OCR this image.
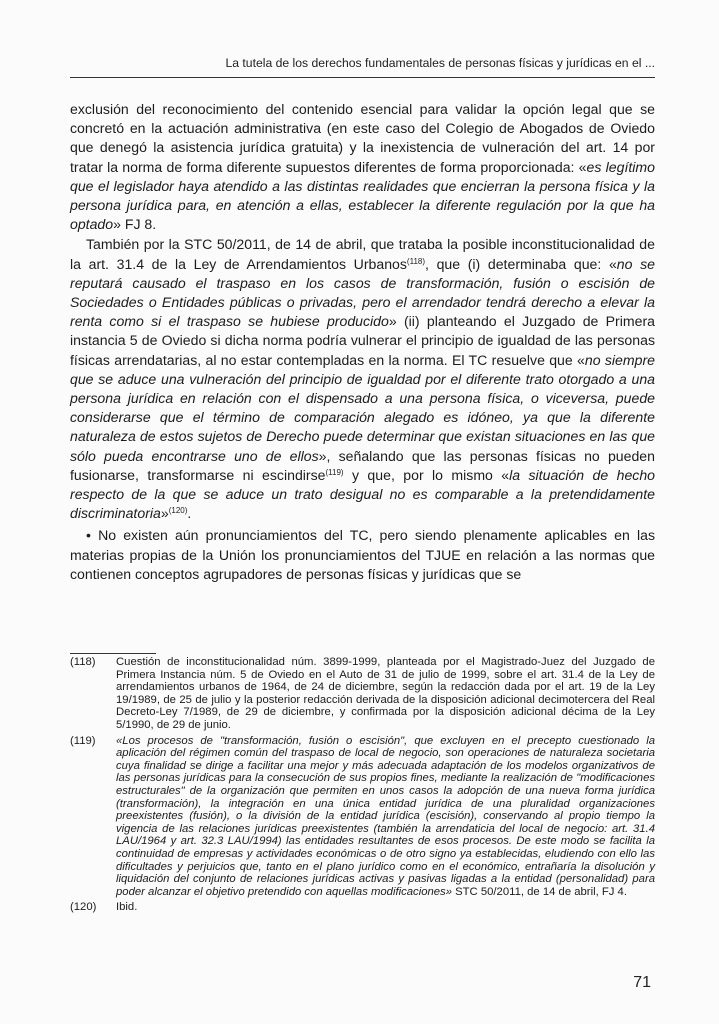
La tutela de los derechos fundamentales de personas físicas y jurídicas en el ...

exclusión del reconocimiento del contenido esencial para validar la opción legal que se concretó en la actuación administrativa (en este caso del Colegio de Abogados de Oviedo que denegó la asistencia jurídica gratuita) y la inexistencia de vulneración del art. 14 por tratar la norma de forma diferente supuestos diferentes de forma proporcionada: «es legítimo que el legislador haya atendido a las distintas realidades que encierran la persona física y la persona jurídica para, en atención a ellas, establecer la diferente regulación por la que ha optado» FJ 8.

También por la STC 50/2011, de 14 de abril, que trataba la posible inconstitucionalidad de la art. 31.4 de la Ley de Arrendamientos Urbanos$^{(118)}$, que (i) determinaba que: «no se reputará causado el traspaso en los casos de transformación, fusión o escisión de Sociedades o Entidades públicas o privadas, pero el arrendador tendrá derecho a elevar la renta como si el traspaso se hubiese producido» (ii) planteando el Juzgado de Primera instancia 5 de Oviedo si dicha norma podría vulnerar el principio de igualdad de las personas físicas arrendatarias, al no estar contempladas en la norma. El TC resuelve que «no siempre que se aduce una vulneración del principio de igualdad por el diferente trato otorgado a una persona jurídica en relación con el dispensado a una persona física, o viceversa, puede considerarse que el término de comparación alegado es idóneo, ya que la diferente naturaleza de estos sujetos de Derecho puede determinar que existan situaciones en las que sólo pueda encontrarse uno de ellos», señalando que las personas físicas no pueden fusionarse, transformarse ni escindirse$^{(119)}$ y que, por lo mismo «la situación de hecho respecto de la que se aduce un trato desigual no es comparable a la pretendidamente discriminatoria»$^{(120)}$.

• No existen aún pronunciamientos del TC, pero siendo plenamente aplicables en las materias propias de la Unión los pronunciamientos del TJUE en relación a las normas que contienen conceptos agrupadores de personas físicas y jurídicas que se

(118)	Cuestión de inconstitucionalidad núm. 3899-1999, planteada por el Magistrado-Juez del Juzgado de Primera Instancia núm. 5 de Oviedo en el Auto de 31 de julio de 1999, sobre el art. 31.4 de la Ley de arrendamientos urbanos de 1964, de 24 de diciembre, según la redacción dada por el art. 19 de la Ley 19/1989, de 25 de julio y la posterior redacción derivada de la disposición adicional decimotercera del Real Decreto-Ley 7/1989, de 29 de diciembre, y confirmada por la disposición adicional décima de la Ley 5/1990, de 29 de junio.
(119)	«Los procesos de "transformación, fusión o escisión", que excluyen en el precepto cuestionado la aplicación del régimen común del traspaso de local de negocio, son operaciones de naturaleza societaria cuya finalidad se dirige a facilitar una mejor y más adecuada adaptación de los modelos organizativos de las personas jurídicas para la consecución de sus propios fines, mediante la realización de "modificaciones estructurales" de la organización que permiten en unos casos la adopción de una nueva forma jurídica (transformación), la integración en una única entidad jurídica de una pluralidad organizaciones preexistentes (fusión), o la división de la entidad jurídica (escisión), conservando al propio tiempo la vigencia de las relaciones jurídicas preexistentes (también la arrendaticia del local de negocio: art. 31.4 LAU/1964 y art. 32.3 LAU/1994) las entidades resultantes de esos procesos. De este modo se facilita la continuidad de empresas y actividades económicas o de otro signo ya establecidas, eludiendo con ello las dificultades y perjuicios que, tanto en el plano jurídico como en el económico, entrañaría la disolución y liquidación del conjunto de relaciones jurídicas activas y pasivas ligadas a la entidad (personalidad) para poder alcanzar el objetivo pretendido con aquellas modificaciones» STC 50/2011, de 14 de abril, FJ 4.
(120)	Ibid.
71
